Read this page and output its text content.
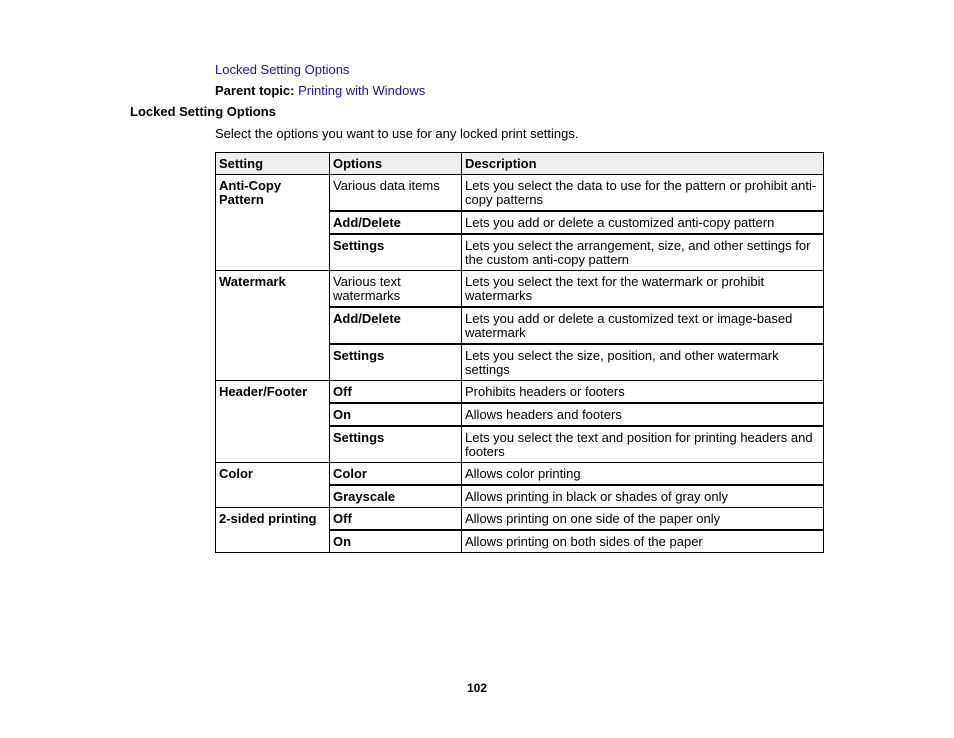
Locked Setting Options
Parent topic: Printing with Windows
Locked Setting Options
Select the options you want to use for any locked print settings.
Setting	Options	Description
Anti-Copy Pattern	Various data items	Lets you select the data to use for the pattern or prohibit anti-copy patterns
	Add/Delete	Lets you add or delete a customized anti-copy pattern
	Settings	Lets you select the arrangement, size, and other settings for the custom anti-copy pattern
Watermark	Various text watermarks	Lets you select the text for the watermark or prohibit watermarks
	Add/Delete	Lets you add or delete a customized text or image-based watermark
	Settings	Lets you select the size, position, and other watermark settings
Header/Footer	Off	Prohibits headers or footers
	On	Allows headers and footers
	Settings	Lets you select the text and position for printing headers and footers
Color	Color	Allows color printing
	Grayscale	Allows printing in black or shades of gray only
2-sided printing	Off	Allows printing on one side of the paper only
	On	Allows printing on both sides of the paper
102
